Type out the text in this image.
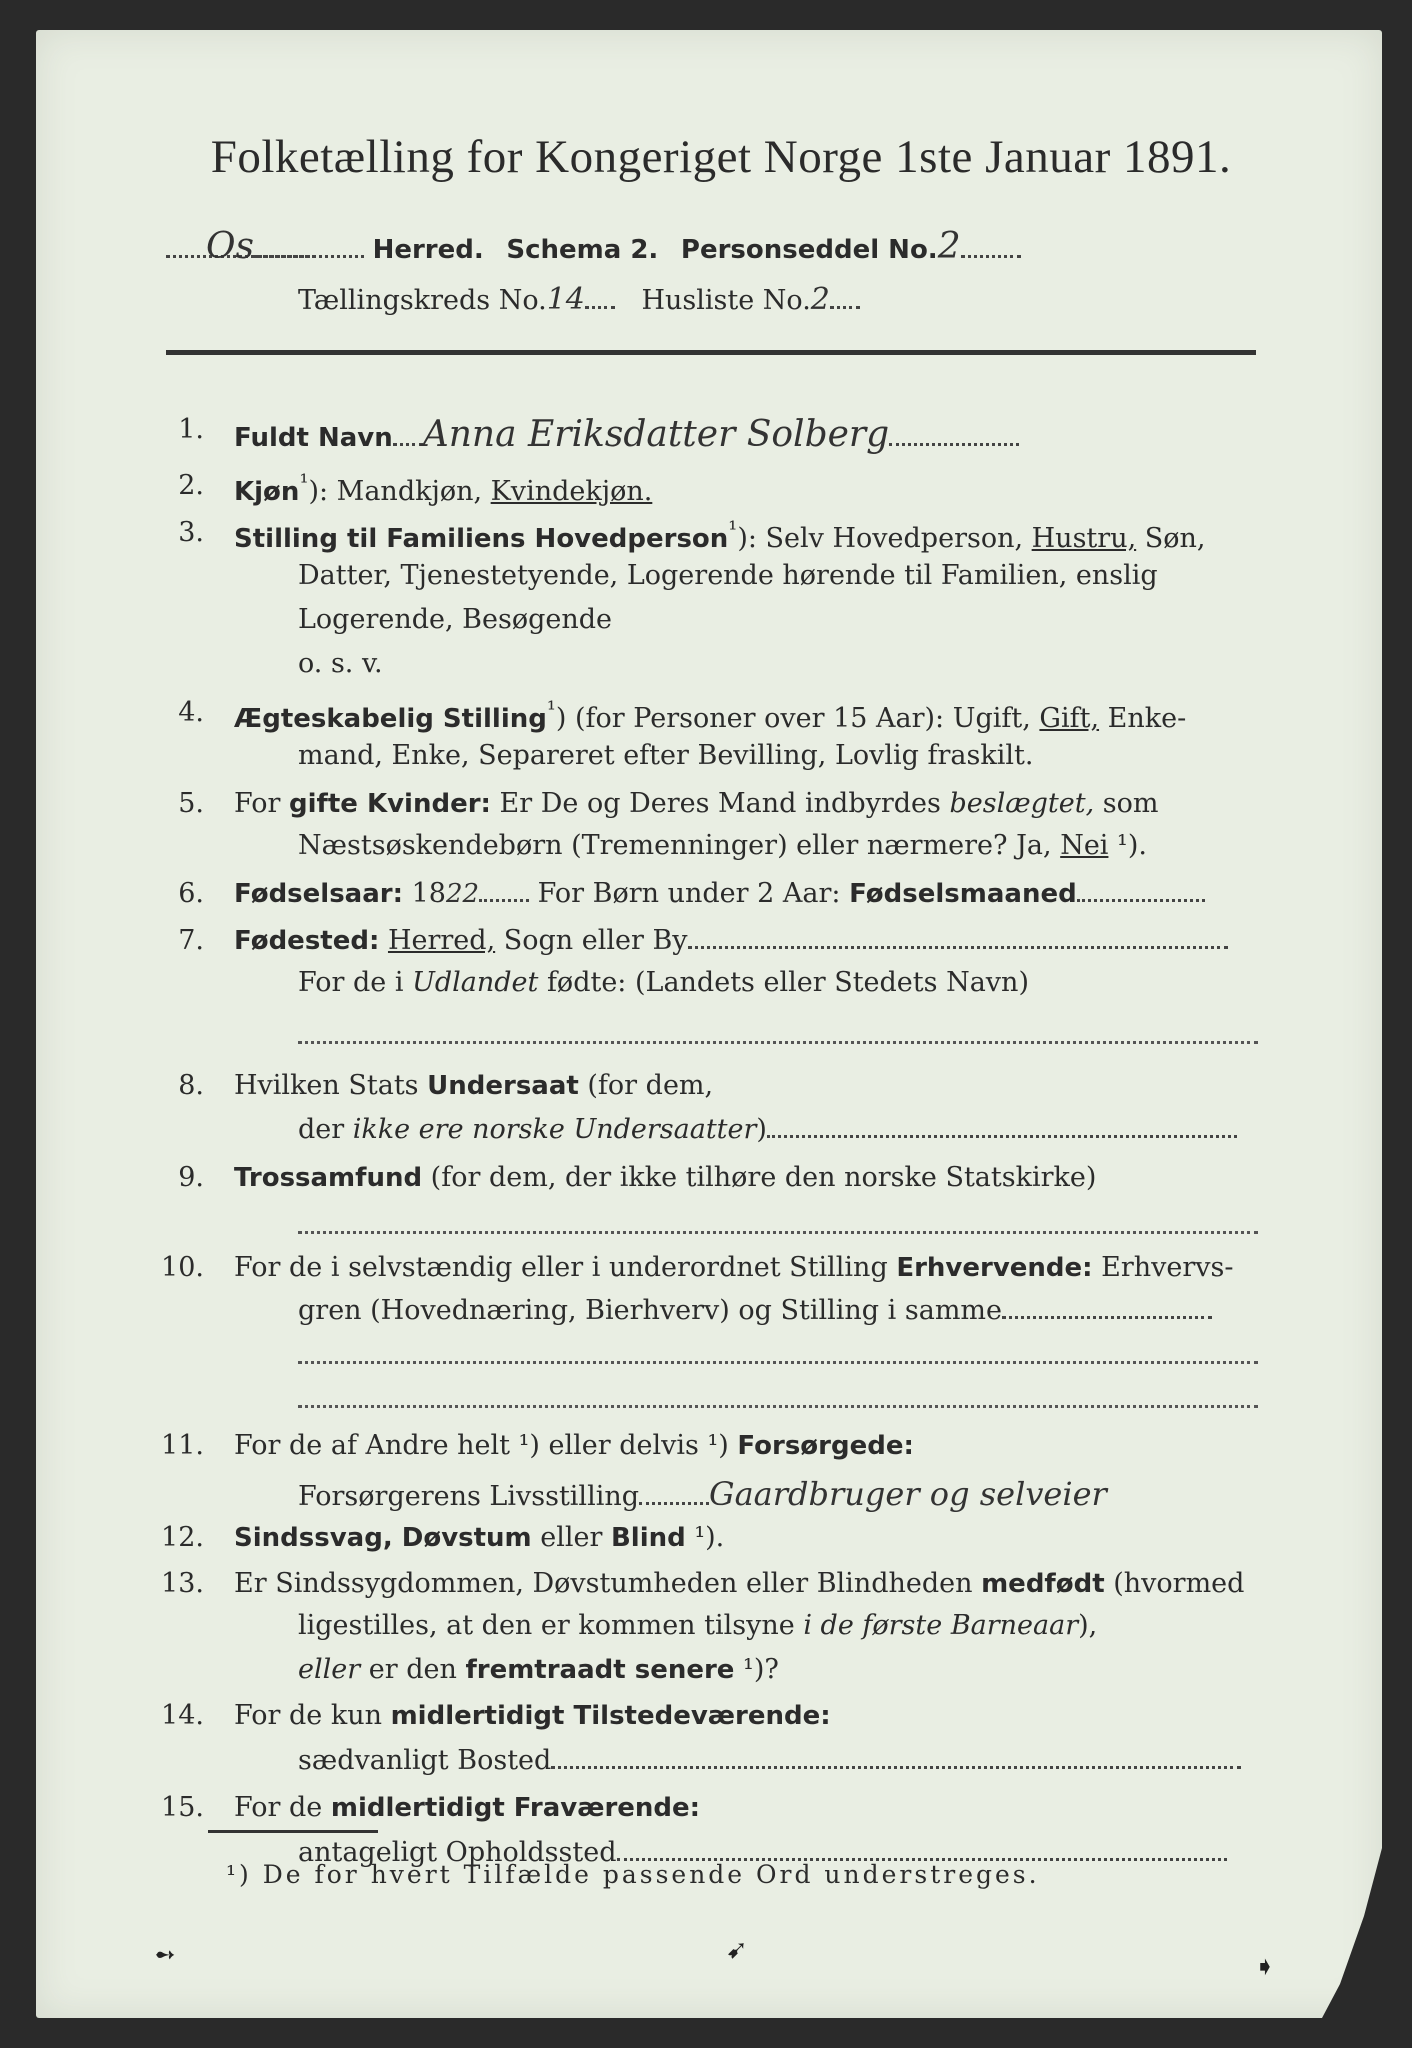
Folketælling for Kongeriget Norge 1ste Januar 1891.
Os	Herred. Schema 2. Personseddel No.2
Tællingskreds No.14 Husliste No.2
1. Fuldt Navn Anna Eriksdatter Solberg
2. Kjøn$^{^1}$): Mandkjøn, Kvindekjøn.
3. Stilling til Familiens Hovedperson$^{^1}$): Selv Hovedperson, Hustru, Søn,
Datter, Tjenestetyende, Logerende hørende til Familien, enslig
Logerende, Besøgende
o. s. v.
4. Ægteskabelig Stilling$^{^1}$) (for Personer over 15 Aar): Ugift, Gift, Enke-
mand, Enke, Separeret efter Bevilling, Lovlig fraskilt.
5. For gifte Kvinder: Er De og Deres Mand indbyrdes beslægtet, som
Næstsøskendebørn (Tremenninger) eller nærmere? Ja, Nei ¹).
6. Fødselsaar: 1822 For Børn under 2 Aar: Fødselsmaaned
7. Fødested: Herred, Sogn eller By
For de i Udlandet fødte: (Landets eller Stedets Navn)
8. Hvilken Stats Undersaat (for dem,
der ikke ere norske Undersaatter)
9. Trossamfund (for dem, der ikke tilhøre den norske Statskirke)
10. For de i selvstændig eller i underordnet Stilling Erhvervende: Erhvervs-
gren (Hovednæring, Bierhverv) og Stilling i samme
11. For de af Andre helt ¹) eller delvis ¹) Forsørgede:
Forsørgerens Livsstilling Gaardbruger og selveier
12. Sindssvag, Døvstum eller Blind ¹).
13. Er Sindssygdommen, Døvstumheden eller Blindheden medfødt (hvormed
ligestilles, at den er kommen tilsyne i de første Barneaar),
eller er den fremtraadt senere ¹)?
14. For de kun midlertidigt Tilstedeværende:
sædvanligt Bosted
15. For de midlertidigt Fraværende:
antageligt Opholdssted
¹) De for hvert Tilfælde passende Ord understreges.
➻	➹
➧
